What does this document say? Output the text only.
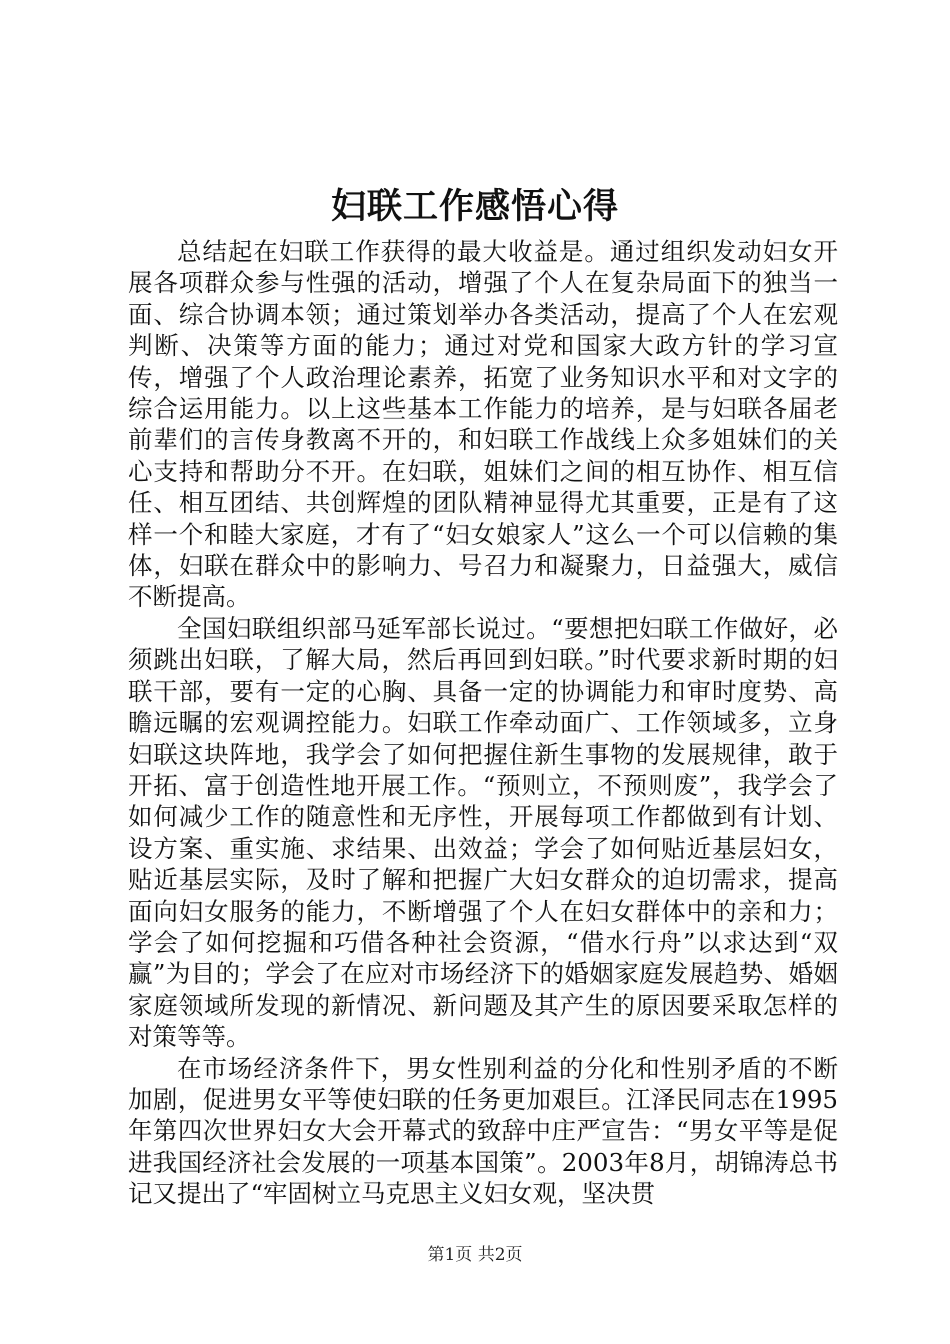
妇联工作感悟心得

总结起在妇联工作获得的最大收益是。通过组织发动妇女开展各项群众参与性强的活动，增强了个人在复杂局面下的独当一面、综合协调本领；通过策划举办各类活动，提高了个人在宏观判断、决策等方面的能力；通过对党和国家大政方针的学习宣传，增强了个人政治理论素养，拓宽了业务知识水平和对文字的综合运用能力。以上这些基本工作能力的培养，是与妇联各届老前辈们的言传身教离不开的，和妇联工作战线上众多姐妹们的关心支持和帮助分不开。在妇联，姐妹们之间的相互协作、相互信任、相互团结、共创辉煌的团队精神显得尤其重要，正是有了这样一个和睦大家庭，才有了“妇女娘家人”这么一个可以信赖的集体，妇联在群众中的影响力、号召力和凝聚力，日益强大，威信不断提高。

全国妇联组织部马延军部长说过。“要想把妇联工作做好，必须跳出妇联，了解大局，然后再回到妇联。”时代要求新时期的妇联干部，要有一定的心胸、具备一定的协调能力和审时度势、高瞻远瞩的宏观调控能力。妇联工作牵动面广、工作领域多，立身妇联这块阵地，我学会了如何把握住新生事物的发展规律，敢于开拓、富于创造性地开展工作。“预则立，不预则废”，我学会了如何减少工作的随意性和无序性，开展每项工作都做到有计划、设方案、重实施、求结果、出效益；学会了如何贴近基层妇女，贴近基层实际，及时了解和把握广大妇女群众的迫切需求，提高面向妇女服务的能力，不断增强了个人在妇女群体中的亲和力；学会了如何挖掘和巧借各种社会资源，“借水行舟”以求达到“双赢”为目的；学会了在应对市场经济下的婚姻家庭发展趋势、婚姻家庭领域所发现的新情况、新问题及其产生的原因要采取怎样的对策等等。

在市场经济条件下，男女性别利益的分化和性别矛盾的不断加剧，促进男女平等使妇联的任务更加艰巨。江泽民同志在1995年第四次世界妇女大会开幕式的致辞中庄严宣告：“男女平等是促进我国经济社会发展的一项基本国策”。2003年8月，胡锦涛总书记又提出了“牢固树立马克思主义妇女观，坚决贯

第1页 共2页
